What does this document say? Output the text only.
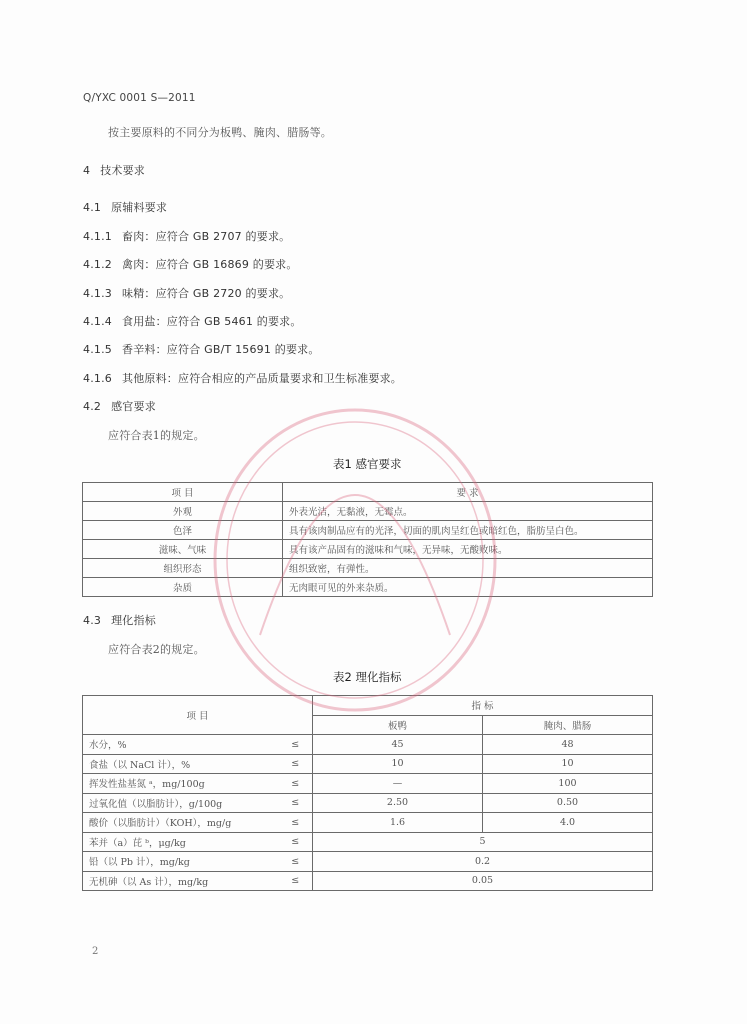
Q/YXC 0001 S—2011
按主要原料的不同分为板鸭、腌肉、腊肠等。
4 技术要求
4.1 原辅料要求
4.1.1 畜肉：应符合 GB 2707 的要求。
4.1.2 禽肉：应符合 GB 16869 的要求。
4.1.3 味精：应符合 GB 2720 的要求。
4.1.4 食用盐：应符合 GB 5461 的要求。
4.1.5 香辛料：应符合 GB/T 15691 的要求。
4.1.6 其他原料：应符合相应的产品质量要求和卫生标准要求。
4.2 感官要求
应符合表1的规定。
表1 感官要求
项 目	要 求
外观	外表光洁，无黏液，无霉点。
色泽	具有该肉制品应有的光泽，切面的肌肉呈红色或暗红色，脂肪呈白色。
滋味、气味	具有该产品固有的滋味和气味，无异味，无酸败味。
组织形态	组织致密，有弹性。
杂质	无肉眼可见的外来杂质。
4.3 理化指标
应符合表2的规定。
表2 理化指标
项 目		指 标	
		板鸭	腌肉、腊肠
水分，%	≤	45	48
食盐（以 NaCl 计），%	≤	10	10
挥发性盐基氮 ᵃ，mg/100g	≤	—	100
过氧化值（以脂肪计），g/100g	≤	2.50	0.50
酸价（以脂肪计）（KOH），mg/g	≤	1.6	4.0
苯并（a）芘 ᵇ，μg/kg	≤	5	
铅（以 Pb 计），mg/kg	≤	0.2	
无机砷（以 As 计），mg/kg	≤	0.05	
2
